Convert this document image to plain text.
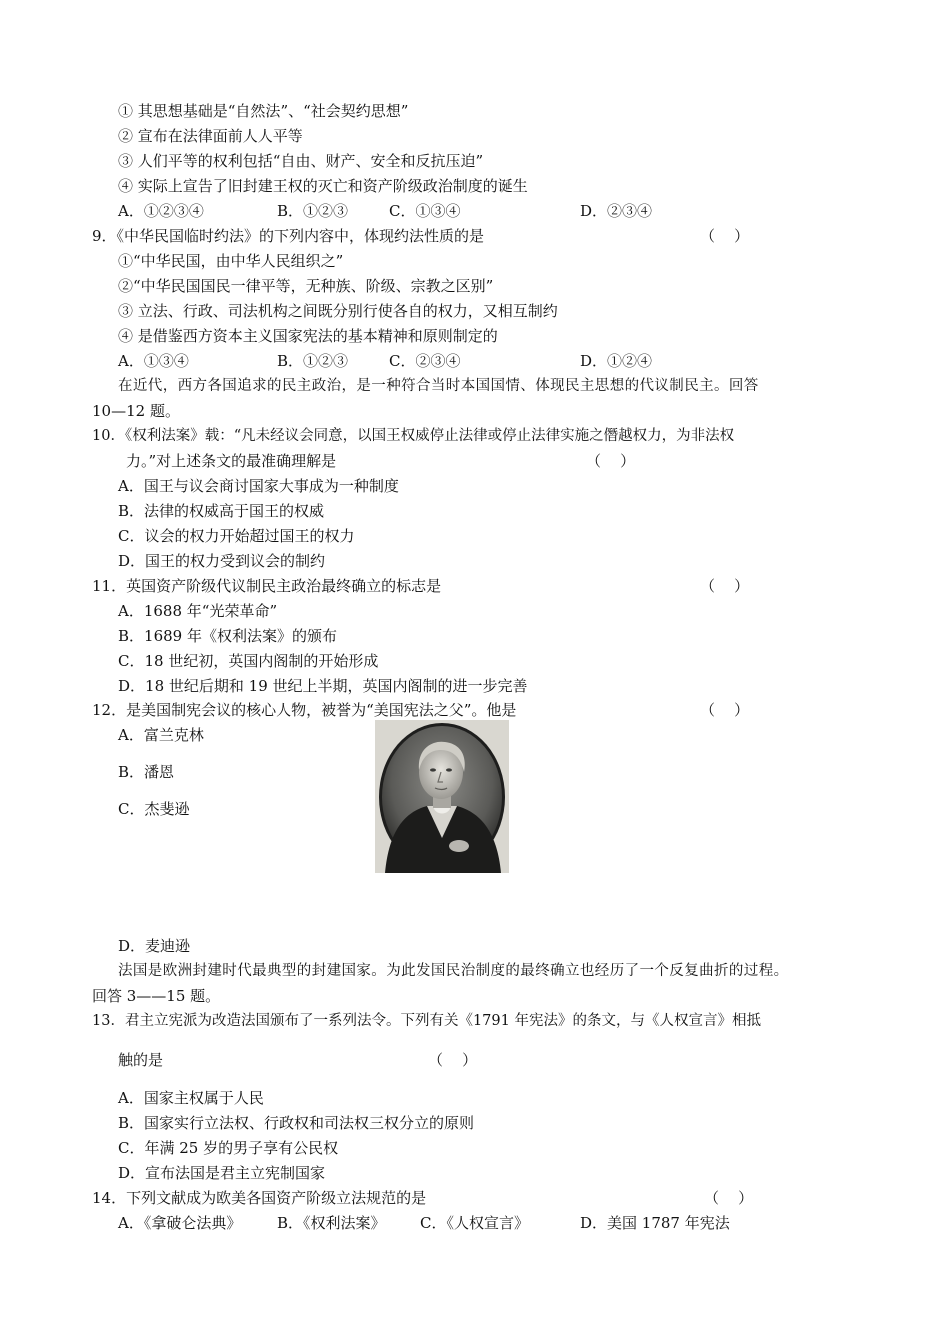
① 其思想基础是“自然法”、“社会契约思想”
② 宣布在法律面前人人平等
③ 人们平等的权利包括“自由、财产、安全和反抗压迫”
④ 实际上宣告了旧封建王权的灭亡和资产阶级政治制度的诞生
A．①②③④	B．①②③	C．①③④	D．②③④
9．《中华民国临时约法》的下列内容中，体现约法性质的是	（    ）
①“中华民国，由中华人民组织之”
②“中华民国国民一律平等，无种族、阶级、宗教之区别”
③ 立法、行政、司法机构之间既分别行使各自的权力，又相互制约
④ 是借鉴西方资本主义国家宪法的基本精神和原则制定的
A．①③④	B．①②③	C．②③④	D．①②④
在近代，西方各国追求的民主政治，是一种符合当时本国国情、体现民主思想的代议制民主。回答
10—12 题。
10．《权利法案》载：“凡未经议会同意，以国王权威停止法律或停止法律实施之僭越权力，为非法权
力。”对上述条文的最准确理解是	（    ）
A．国王与议会商讨国家大事成为一种制度
B．法律的权威高于国王的权威
C．议会的权力开始超过国王的权力
D．国王的权力受到议会的制约
11．英国资产阶级代议制民主政治最终确立的标志是	（    ）
A．1688 年“光荣革命”
B．1689 年《权利法案》的颁布
C．18 世纪初，英国内阁制的开始形成
D．18 世纪后期和 19 世纪上半期，英国内阁制的进一步完善
12．是美国制宪会议的核心人物，被誉为“美国宪法之父”。他是	（    ）
A．富兰克林
B．潘恩
C．杰斐逊
D．麦迪逊
法国是欧洲封建时代最典型的封建国家。为此发国民治制度的最终确立也经历了一个反复曲折的过程。
回答 3——15 题。
13．君主立宪派为改造法国颁布了一系列法令。下列有关《1791 年宪法》的条文，与《人权宣言》相抵
触的是	（    ）
A．国家主权属于人民
B．国家实行立法权、行政权和司法权三权分立的原则
C．年满 25 岁的男子享有公民权
D．宣布法国是君主立宪制国家
14．下列文献成为欧美各国资产阶级立法规范的是	（    ）
A．《拿破仑法典》 B．《权利法案》 C．《人权宣言》	D．美国 1787 年宪法
